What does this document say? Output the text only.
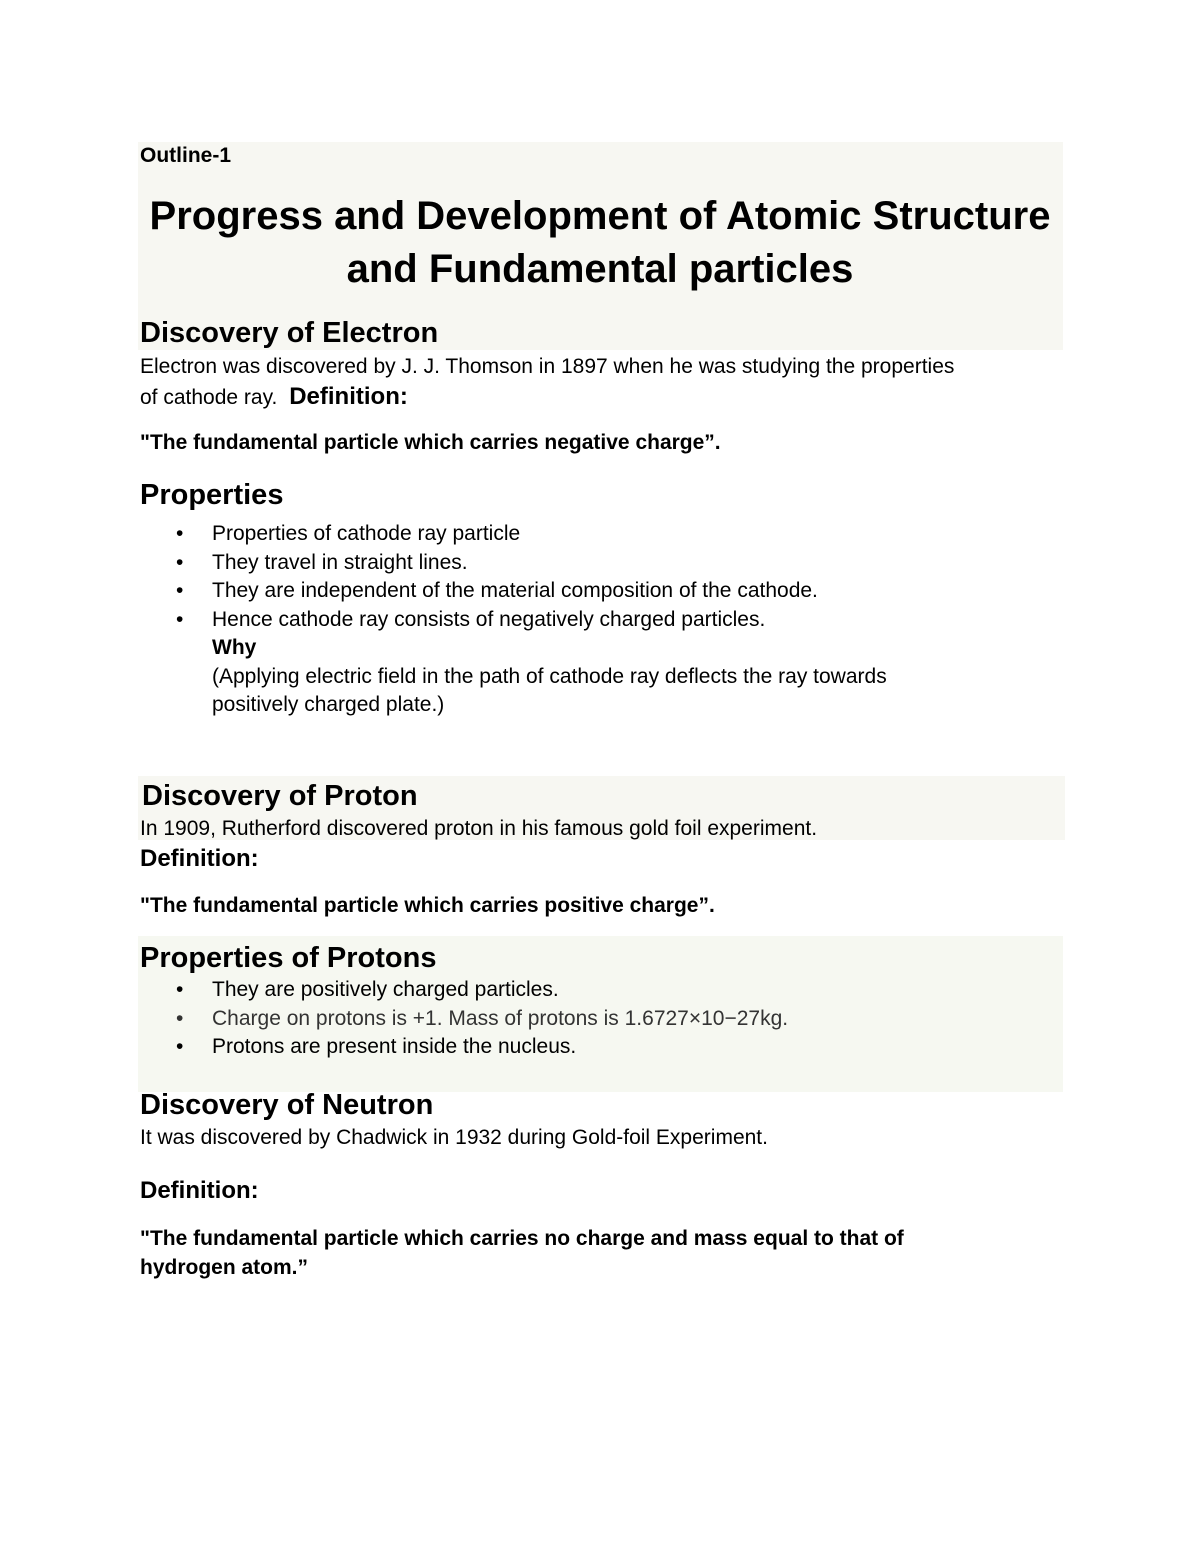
Outline-1

Progress and Development of Atomic Structure and Fundamental particles
Discovery of Electron

Electron was discovered by J. J. Thomson in 1897 when he was studying the properties

of cathode ray. Definition:

"The fundamental particle which carries negative charge”.

Properties
• Properties of cathode ray particle
• They travel in straight lines.
• They are independent of the material composition of the cathode.
• Hence cathode ray consists of negatively charged particles.
Why
(Applying electric field in the path of cathode ray deflects the ray towards
positively charged plate.)
Discovery of Proton

In 1909, Rutherford discovered proton in his famous gold foil experiment.

Definition:

"The fundamental particle which carries positive charge”.

Properties of Protons
• They are positively charged particles.
• Charge on protons is +1. Mass of protons is 1.6727×10−27kg.
• Protons are present inside the nucleus.
Discovery of Neutron

It was discovered by Chadwick in 1932 during Gold-foil Experiment.

Definition:

"The fundamental particle which carries no charge and mass equal to that of

hydrogen atom.”
